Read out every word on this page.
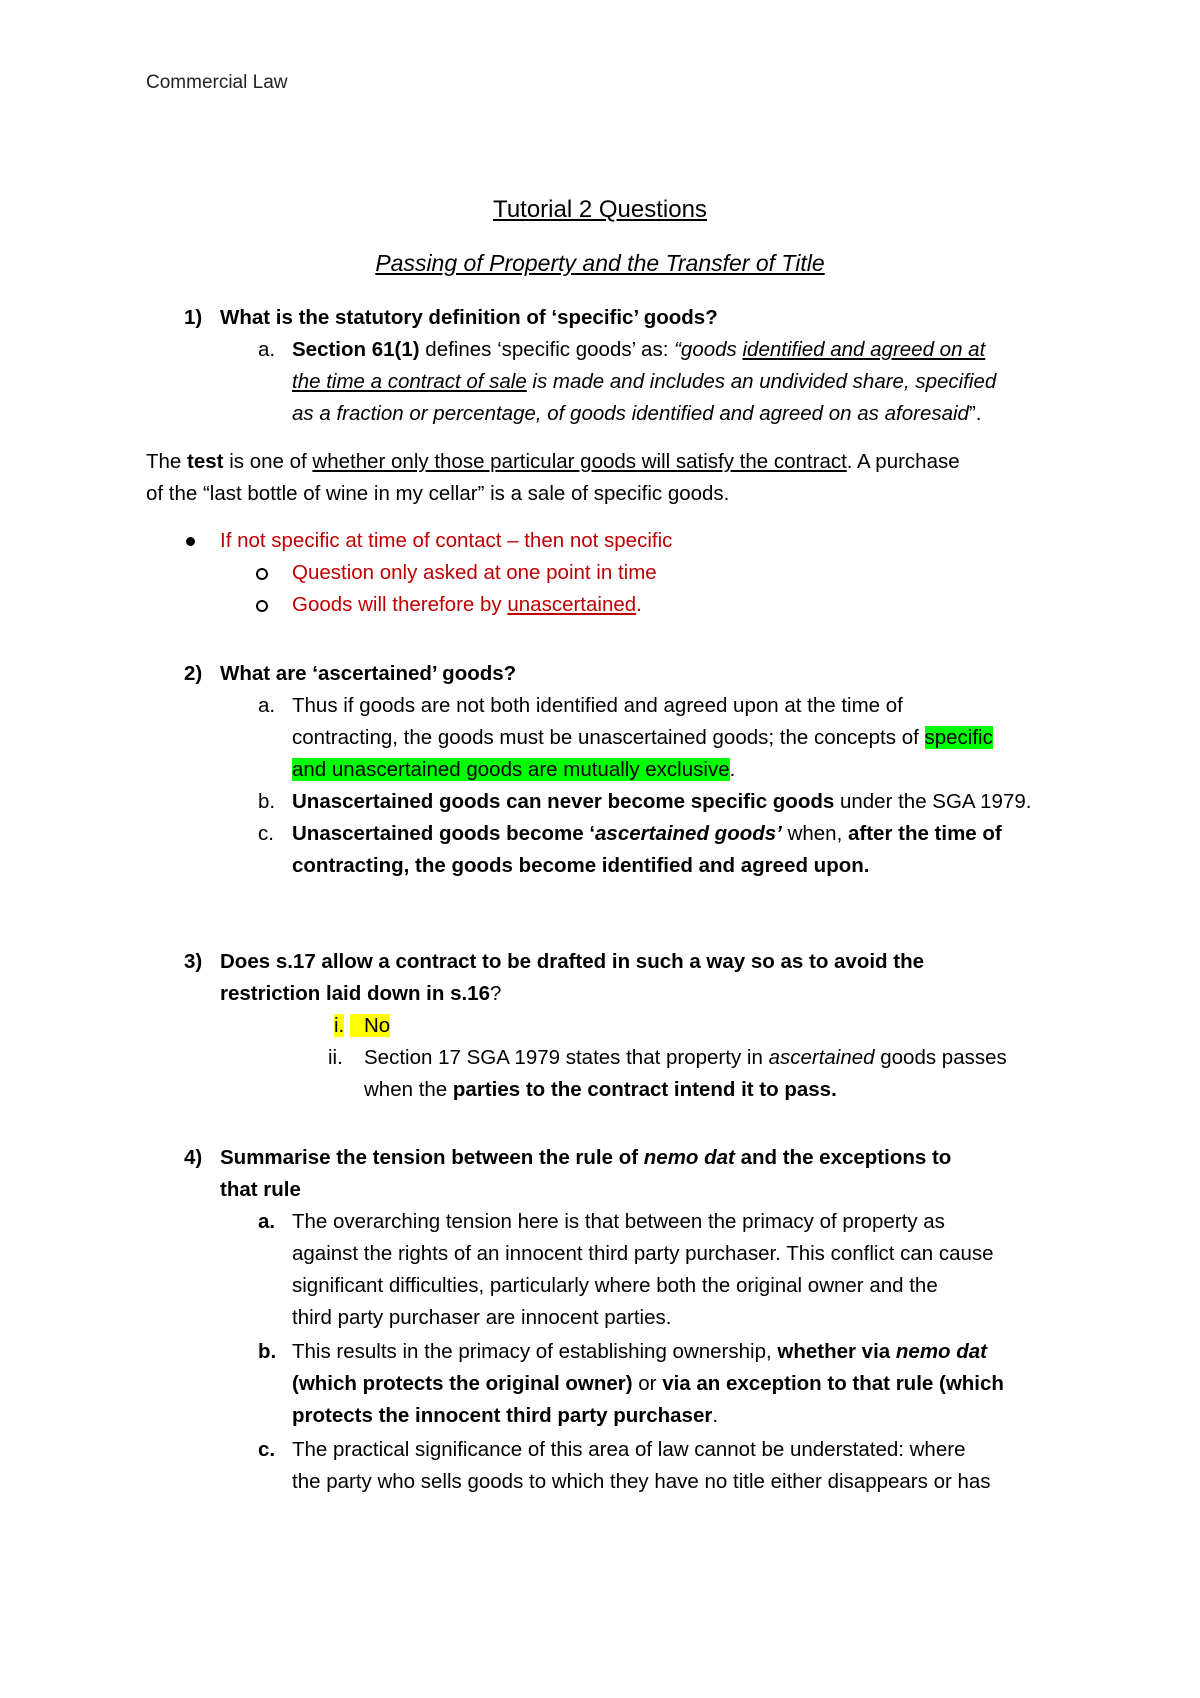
Commercial Law
Tutorial 2 Questions
Passing of Property and the Transfer of Title
1) What is the statutory definition of ‘specific’ goods?
a. Section 61(1) defines ‘specific goods’ as: “goods identified and agreed on at
the time a contract of sale is made and includes an undivided share, specified
as a fraction or percentage, of goods identified and agreed on as aforesaid”.
The test is one of whether only those particular goods will satisfy the contract. A purchase
of the “last bottle of wine in my cellar” is a sale of specific goods.
If not specific at time of contact – then not specific
Question only asked at one point in time
Goods will therefore by unascertained.
2) What are ‘ascertained’ goods?
a. Thus if goods are not both identified and agreed upon at the time of
contracting, the goods must be unascertained goods; the concepts of specific
and unascertained goods are mutually exclusive.
b. Unascertained goods can never become specific goods under the SGA 1979.
c. Unascertained goods become ‘ascertained goods’ when, after the time of
contracting, the goods become identified and agreed upon.
3) Does s.17 allow a contract to be drafted in such a way so as to avoid the
restriction laid down in s.16?
i. No
ii. Section 17 SGA 1979 states that property in ascertained goods passes
when the parties to the contract intend it to pass.
4) Summarise the tension between the rule of nemo dat and the exceptions to
that rule
a. The overarching tension here is that between the primacy of property as
against the rights of an innocent third party purchaser. This conflict can cause
significant difficulties, particularly where both the original owner and the
third party purchaser are innocent parties.
b. This results in the primacy of establishing ownership, whether via nemo dat
(which protects the original owner) or via an exception to that rule (which
protects the innocent third party purchaser.
c. The practical significance of this area of law cannot be understated: where
the party who sells goods to which they have no title either disappears or has
